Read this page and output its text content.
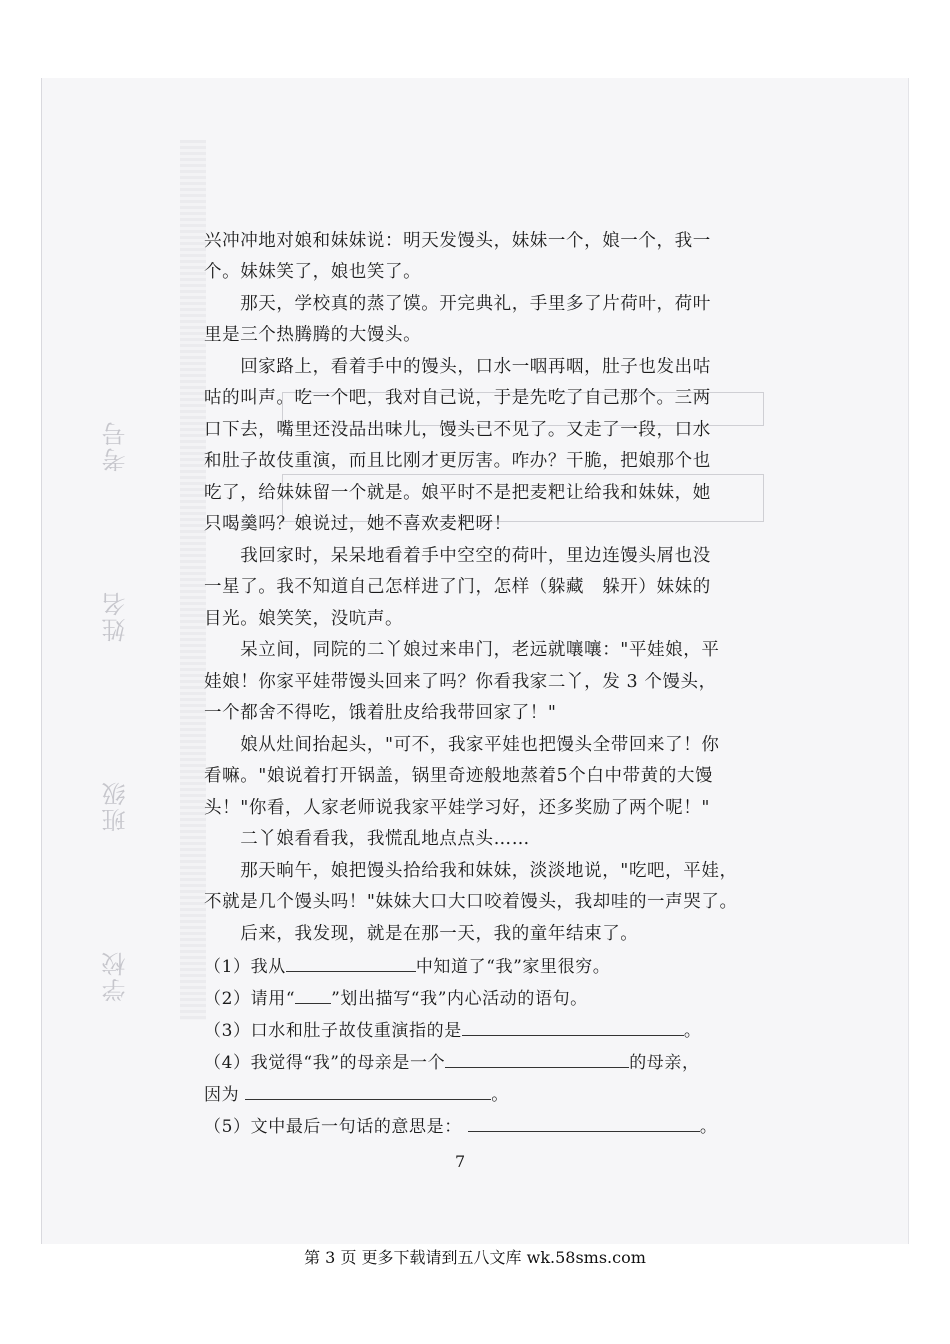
考号
姓名
班级
学校
兴冲冲地对娘和妹妹说：明天发馒头，妹妹一个，娘一个，我一
个。妹妹笑了，娘也笑了。
　　那天，学校真的蒸了馍。开完典礼，手里多了片荷叶，荷叶
里是三个热腾腾的大馒头。
　　回家路上，看着手中的馒头，口水一咽再咽，肚子也发出咕
咕的叫声。吃一个吧，我对自己说，于是先吃了自己那个。三两
口下去，嘴里还没品出味儿，馒头已不见了。又走了一段，口水
和肚子故伎重演，而且比刚才更厉害。咋办？干脆，把娘那个也
吃了，给妹妹留一个就是。娘平时不是把麦粑让给我和妹妹，她
只喝羹吗？娘说过，她不喜欢麦粑呀！
　　我回家时，呆呆地看着手中空空的荷叶，里边连馒头屑也没
一星了。我不知道自己怎样进了门，怎样（躲藏　躲开）妹妹的
目光。娘笑笑，没吭声。
　　呆立间，同院的二丫娘过来串门，老远就嚷嚷："平娃娘，平
娃娘！你家平娃带馒头回来了吗？你看我家二丫，发 3 个馒头，
一个都舍不得吃，饿着肚皮给我带回家了！"
　　娘从灶间抬起头，"可不，我家平娃也把馒头全带回来了！你
看嘛。"娘说着打开锅盖，锅里奇迹般地蒸着5个白中带黄的大馒
头！"你看，人家老师说我家平娃学习好，还多奖励了两个呢！"
　　二丫娘看看我，我慌乱地点点头……
　　那天晌午，娘把馒头拾给我和妹妹，淡淡地说，"吃吧，平娃，
不就是几个馒头吗！"妹妹大口大口咬着馒头，我却哇的一声哭了。
　　后来，我发现，就是在那一天，我的童年结束了。
（1）我从	中知道了“我”家里很穷。
（2）请用“ ”划出描写“我”内心活动的语句。
（3）口水和肚子故伎重演指的是	。
（4）我觉得“我”的母亲是一个	的母亲，
因为	。
（5）文中最后一句话的意思是：	。
7
第 3 页 更多下载请到五八文库 wk.58sms.com
